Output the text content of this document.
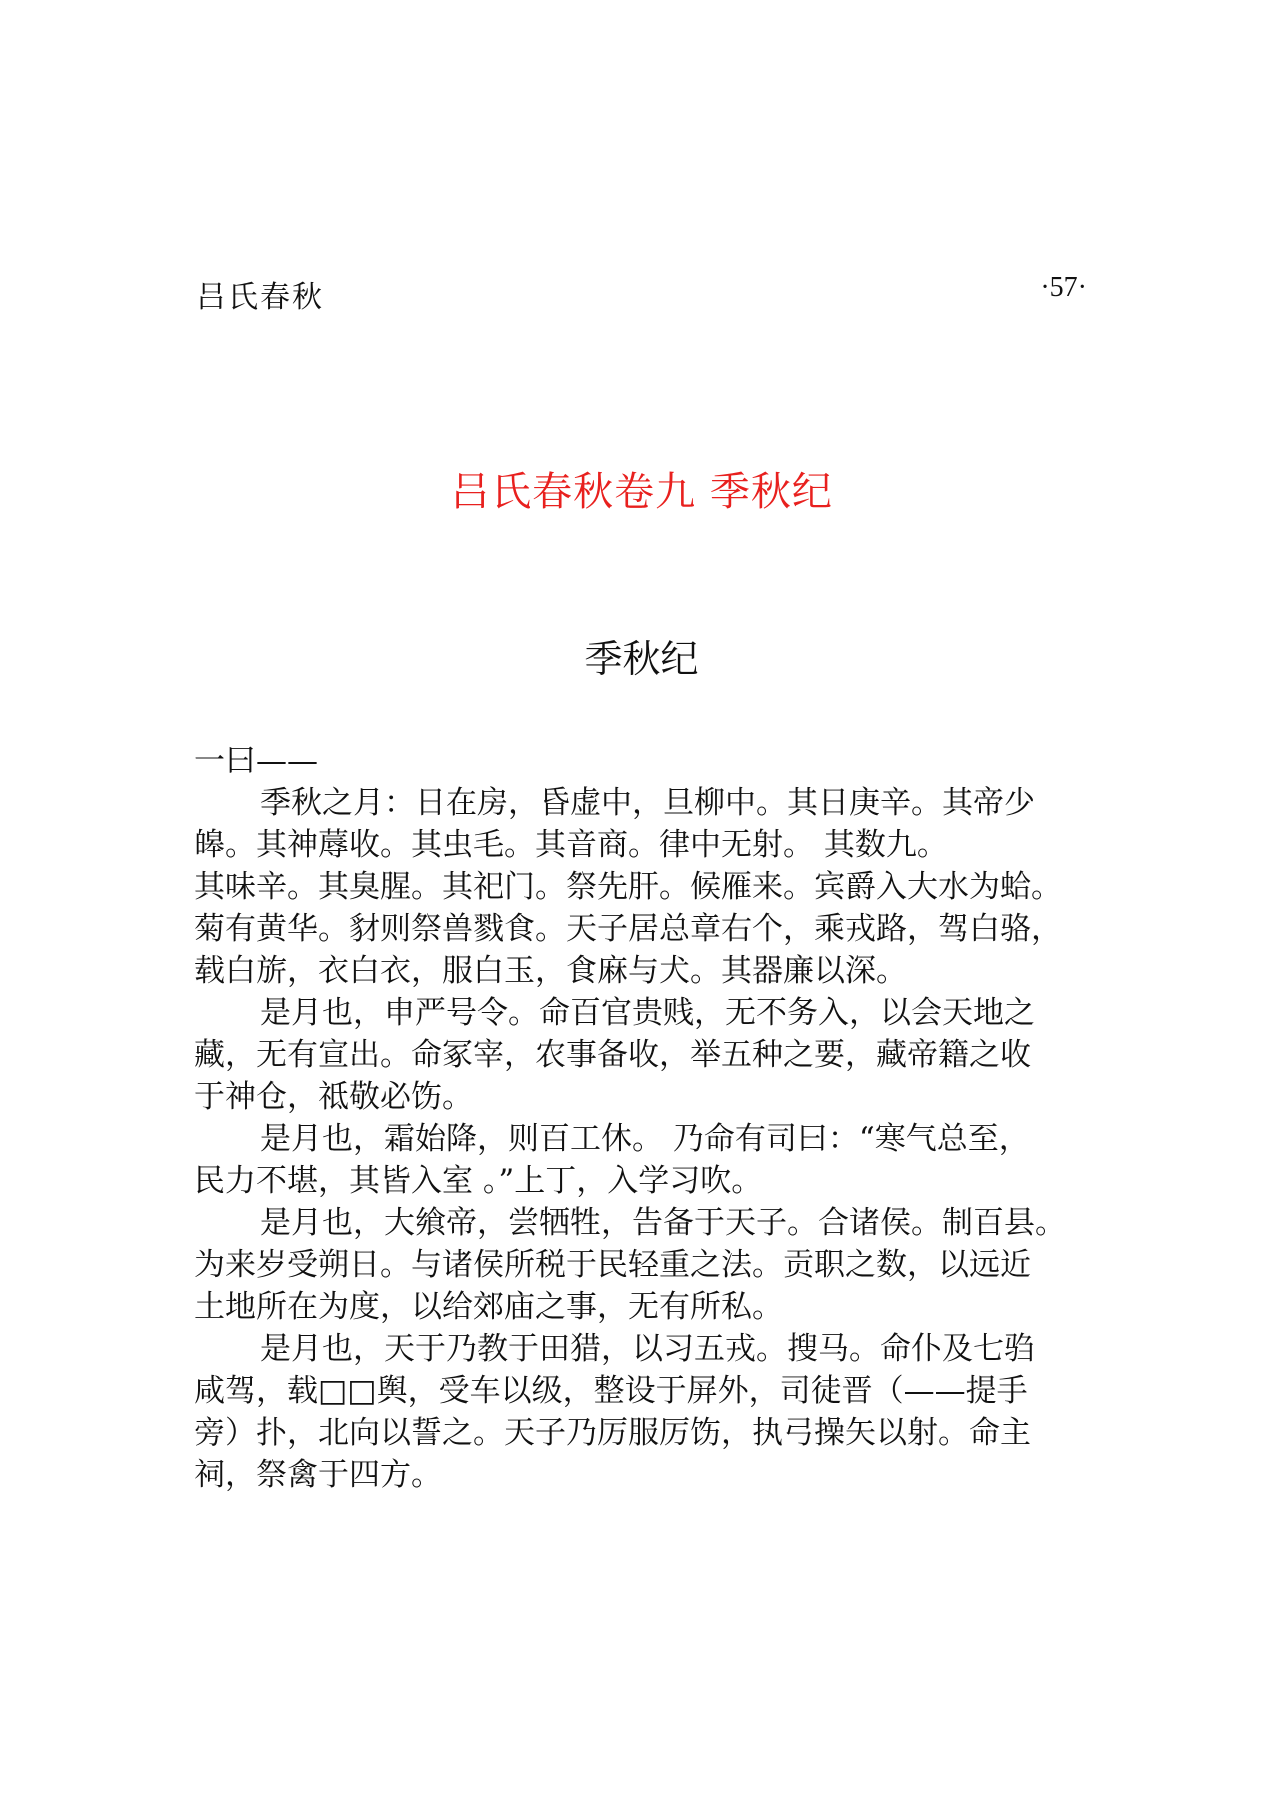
吕氏春秋	·57·
吕氏春秋卷九 季秋纪
季秋纪
一曰——
季秋之月：日在房，昏虚中，旦柳中。其日庚辛。其帝少
皞。其神蓐收。其虫毛。其音商。律中无射。 其数九。
其味辛。其臭腥。其祀门。祭先肝。候雁来。宾爵入大水为蛤。
菊有黄华。豺则祭兽戮食。天子居总章右个，乘戎路，驾白骆，
载白旂，衣白衣，服白玉，食麻与犬。其器廉以深。
是月也，申严号令。命百官贵贱，无不务入，以会天地之
藏，无有宣出。命冢宰，农事备收，举五种之要，藏帝籍之收
于神仓，祗敬必饬。
是月也，霜始降，则百工休。 乃命有司曰：“寒气总至，
民力不堪，其皆入室 。”上丁，入学习吹。
是月也，大飨帝，尝牺牲，告备于天子。合诸侯。制百县。
为来岁受朔日。与诸侯所税于民轻重之法。贡职之数，以远近
土地所在为度，以给郊庙之事，无有所私。
是月也，天于乃教于田猎，以习五戎。搜马。命仆及七驺
咸驾，载□□舆，受车以级，整设于屏外，司徒晋（——提手
旁）扑，北向以誓之。天子乃厉服厉饬，执弓操矢以射。命主
祠，祭禽于四方。
